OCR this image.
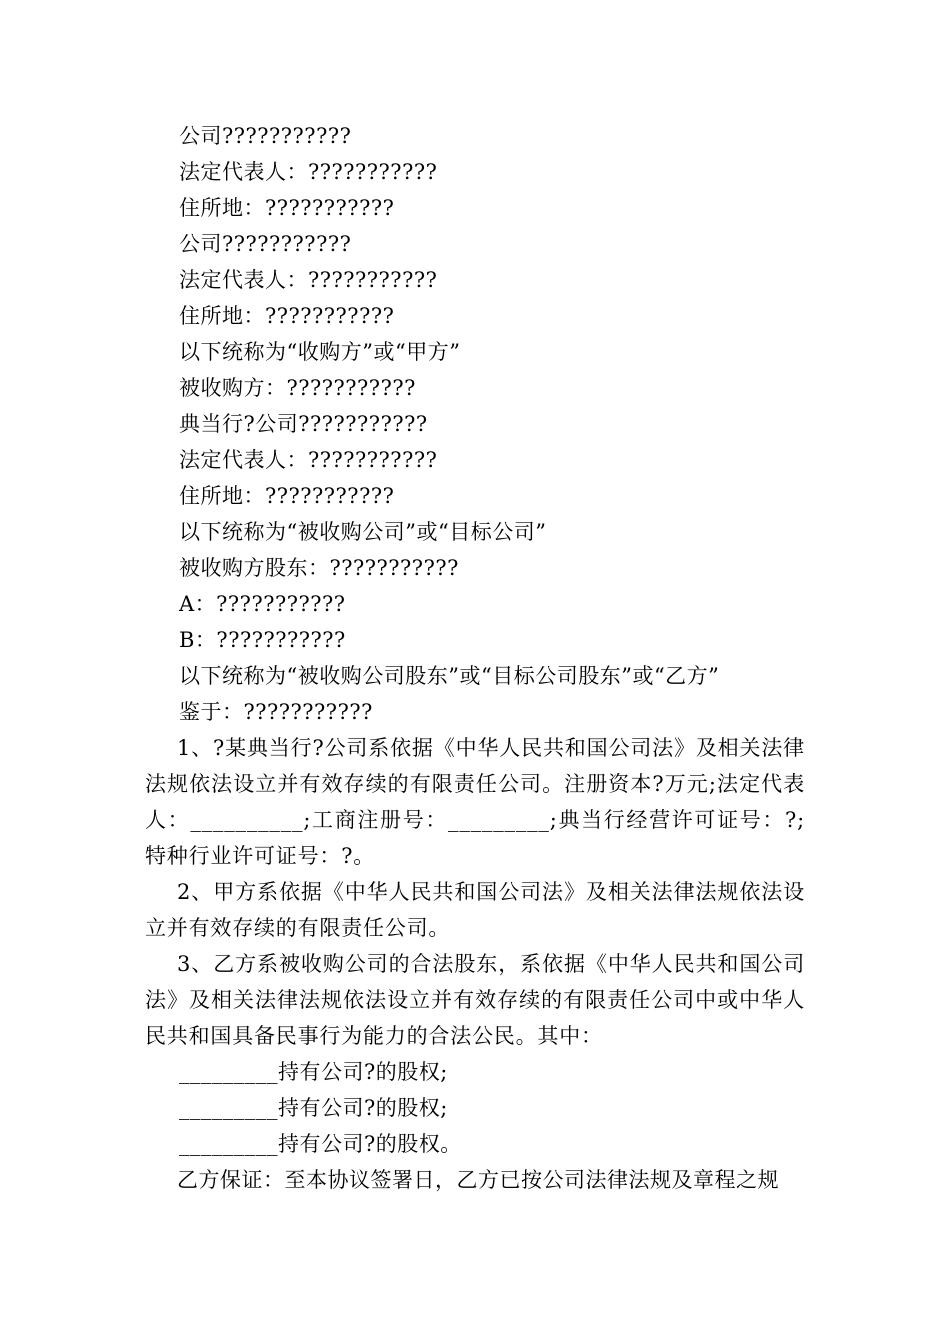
公司???????????
法定代表人：???????????
住所地：???????????
公司???????????
法定代表人：???????????
住所地：???????????
以下统称为“收购方”或“甲方”
被收购方：???????????
典当行?公司???????????
法定代表人：???????????
住所地：???????????
以下统称为“被收购公司”或“目标公司”
被收购方股东：???????????
A：???????????
B：???????????
以下统称为“被收购公司股东”或“目标公司股东”或“乙方”
鉴于：???????????

1、?某典当行?公司系依据《中华人民共和国公司法》及相关法律法规依法设立并有效存续的有限责任公司。注册资本?万元;法定代表人：__________;工商注册号：_________;典当行经营许可证号：?;特种行业许可证号：?。

2、甲方系依据《中华人民共和国公司法》及相关法律法规依法设立并有效存续的有限责任公司。

3、乙方系被收购公司的合法股东，系依据《中华人民共和国公司法》及相关法律法规依法设立并有效存续的有限责任公司中或中华人民共和国具备民事行为能力的合法公民。其中：

_________持有公司?的股权;
_________持有公司?的股权;
_________持有公司?的股权。

乙方保证：至本协议签署日，乙方已按公司法律法规及章程之规
